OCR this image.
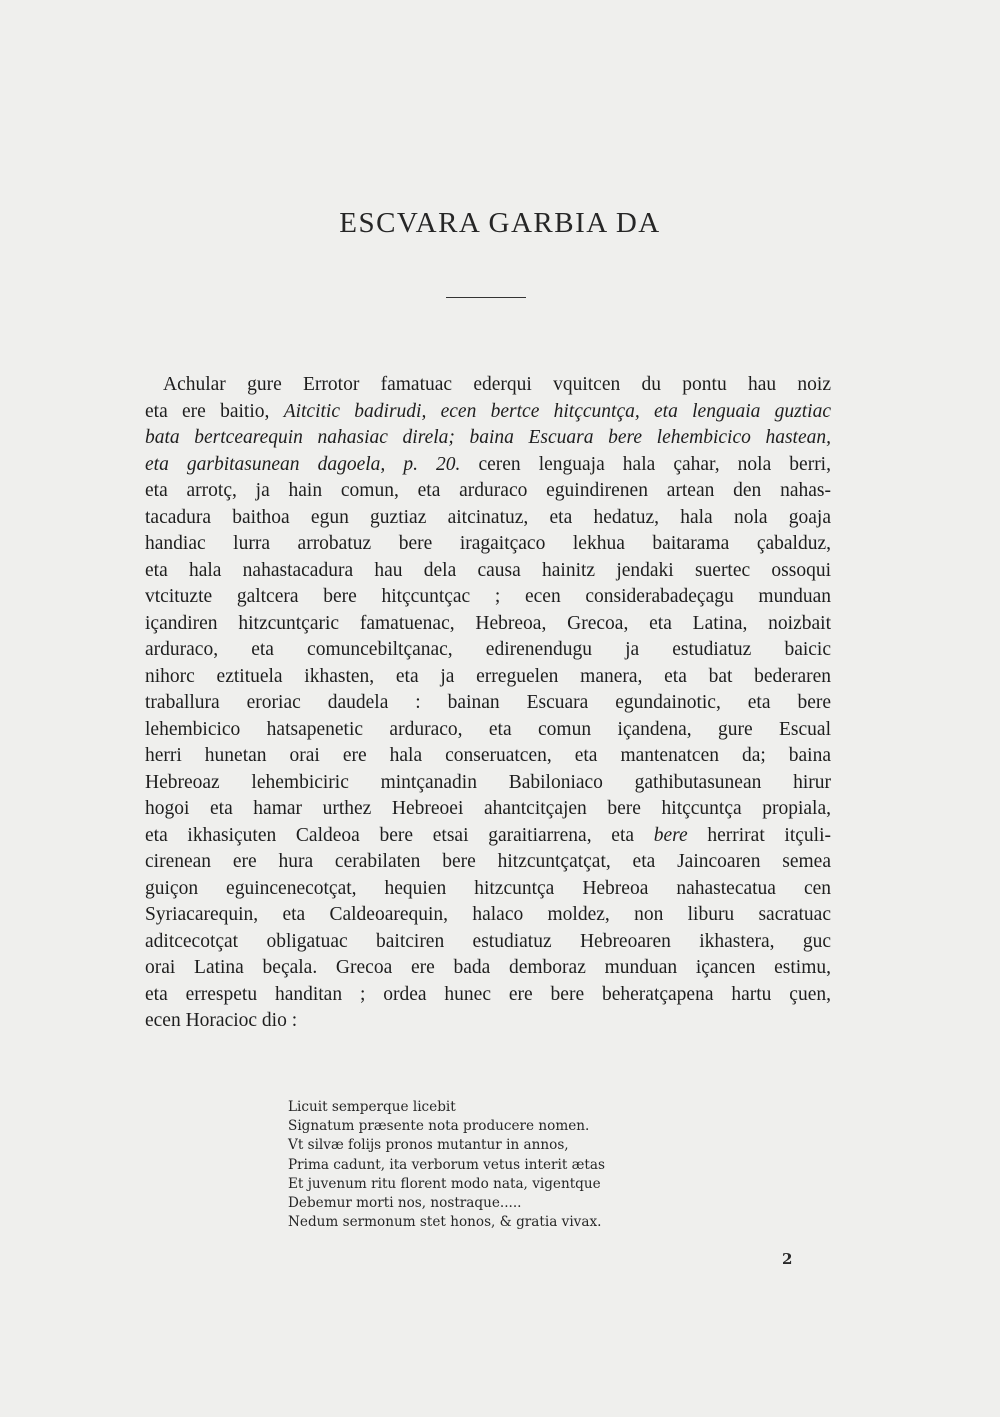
ESCVARA GARBIA DA
Achular gure Errotor famatuac ederqui vquitcen du pontu hau noiz
eta ere baitio, Aitcitic badirudi, ecen bertce hitçcuntça, eta lenguaia guztiac
bata bertcearequin nahasiac direla; baina Escuara bere lehembicico hastean,
eta garbitasunean dagoela, p. 20. ceren lenguaja hala çahar, nola berri,
eta arrotç, ja hain comun, eta arduraco eguindirenen artean den nahas-
tacadura baithoa egun guztiaz aitcinatuz, eta hedatuz, hala nola goaja
handiac lurra arrobatuz bere iragaitçaco lekhua baitarama çabalduz,
eta hala nahastacadura hau dela causa hainitz jendaki suertec ossoqui
vtcituzte galtcera bere hitçcuntçac ; ecen considerabadeçagu munduan
içandiren hitzcuntçaric famatuenac, Hebreoa, Grecoa, eta Latina, noizbait
arduraco, eta comuncebiltçanac, edirenendugu ja estudiatuz baicic
nihorc eztituela ikhasten, eta ja erreguelen manera, eta bat bederaren
traballura eroriac daudela : bainan Escuara egundainotic, eta bere
lehembicico hatsapenetic arduraco, eta comun içandena, gure Escual
herri hunetan orai ere hala conseruatcen, eta mantenatcen da; baina
Hebreoaz lehembiciric mintçanadin Babiloniaco gathibutasunean hirur
hogoi eta hamar urthez Hebreoei ahantcitçajen bere hitçcuntça propiala,
eta ikhasiçuten Caldeoa bere etsai garaitiarrena, eta bere herrirat itçuli-
cirenean ere hura cerabilaten bere hitzcuntçatçat, eta Jaincoaren semea
guiçon eguincenecotçat, hequien hitzcuntça Hebreoa nahastecatua cen
Syriacarequin, eta Caldeoarequin, halaco moldez, non liburu sacratuac
aditcecotçat obligatuac baitciren estudiatuz Hebreoaren ikhastera, guc
orai Latina beçala. Grecoa ere bada demboraz munduan içancen estimu,
eta errespetu handitan ; ordea hunec ere bere beheratçapena hartu çuen,
ecen Horacioc dio :
Licuit semperque licebit
Signatum præsente nota producere nomen.
Vt silvæ folijs pronos mutantur in annos,
Prima cadunt, ita verborum vetus interit ætas
Et juvenum ritu florent modo nata, vigentque
Debemur morti nos, nostraque.....
Nedum sermonum stet honos, & gratia vivax.
2
